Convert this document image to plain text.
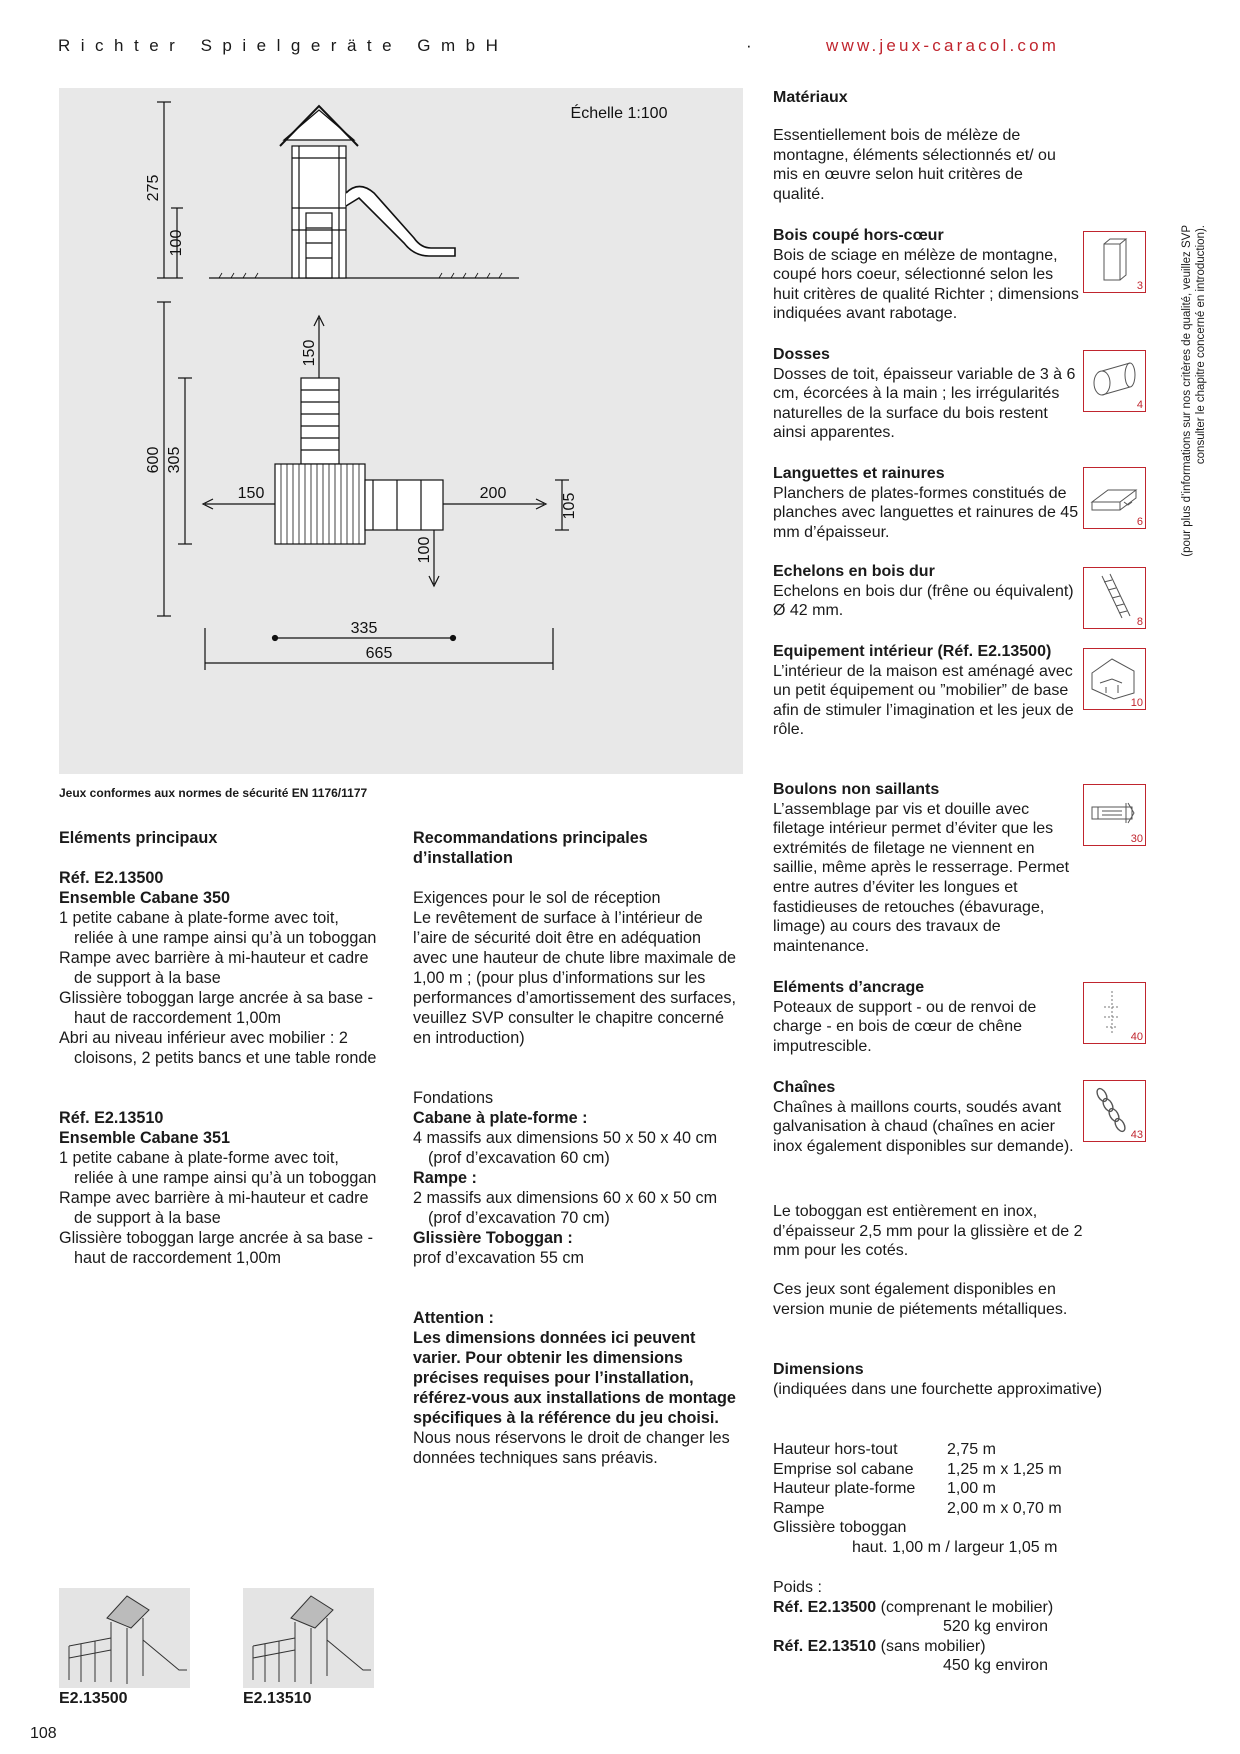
Richter Spielgeräte GmbH	·	www.jeux-caracol.com
Échelle 1:100
275
100
150
600 305
150	200	105
100
335
665
Jeux conformes aux normes de sécurité EN 1176/1177

Eléments principaux

Réf. E2.13500

Ensemble Cabane 350

1 petite cabane à plate-forme avec toit, reliée à une rampe ainsi qu’à un toboggan

Rampe avec barrière à mi-hauteur et cadre de support à la base

Glissière toboggan large ancrée à sa base - haut de raccordement 1,00m

Abri au niveau inférieur avec mobilier : 2 cloisons, 2 petits bancs et une table ronde

Réf. E2.13510

Ensemble Cabane 351

1 petite cabane à plate-forme avec toit, reliée à une rampe ainsi qu’à un toboggan

Rampe avec barrière à mi-hauteur et cadre de support à la base

Glissière toboggan large ancrée à sa base - haut de raccordement 1,00m

Recommandations principales d’installation

Exigences pour le sol de réception

Le revêtement de surface à l’intérieur de l’aire de sécurité doit être en adéquation avec une hauteur de chute libre maximale de 1,00 m ; (pour plus d’informations sur les performances d’amortissement des surfaces, veuillez SVP consulter le chapitre concerné en introduction)

Fondations

Cabane à plate-forme :

4 massifs aux dimensions 50 x 50 x 40 cm

(prof d’excavation 60 cm)

Rampe :

2 massifs aux dimensions 60 x 60 x 50 cm

(prof d’excavation 70 cm)

Glissière Toboggan :

prof d’excavation 55 cm

Attention :

Les dimensions données ici peuvent varier. Pour obtenir les dimensions précises requises pour l’installation, référez-vous aux installations de montage spécifiques à la référence du jeu choisi.

Nous nous réservons le droit de changer les données techniques sans préavis.

Matériaux
Essentiellement bois de mélèze de montagne, éléments sélectionnés et/ ou mis en œuvre selon huit critères de qualité.
Bois coupé hors-cœur
Bois de sciage en mélèze de montagne, coupé hors coeur, sélectionné selon les huit critères de qualité Richter ; dimensions indiquées avant rabotage.
3
Dosses
Dosses de toit, épaisseur variable de 3 à 6 cm, écorcées à la main ; les irrégularités naturelles de la surface du bois restent ainsi apparentes.
4
Languettes et rainures
Planchers de plates-formes constitués de planches avec languettes et rainures de 45 mm d’épaisseur.
6
Echelons en bois dur
Echelons en bois dur (frêne ou équivalent) Ø 42 mm.
8
Equipement intérieur (Réf. E2.13500)
L’intérieur de la maison est aménagé avec un petit équipement ou ”mobilier” de base afin de stimuler l’imagination et les jeux de rôle.
10
Boulons non saillants
L’assemblage par vis et douille avec filetage intérieur permet d’éviter que les extrémités de filetage ne viennent en saillie, même après le resserrage. Permet entre autres d’éviter les longues et fastidieuses de retouches (ébavurage, limage) au cours des travaux de maintenance.
30
Eléments d’ancrage
Poteaux de support - ou de renvoi de charge - en bois de cœur de chêne imputrescible.
40
Chaînes
Chaînes à maillons courts, soudés avant galvanisation à chaud (chaînes en acier inox également disponibles sur demande).
43
Le toboggan est entièrement en inox, d’épaisseur 2,5 mm pour la glissière et de 2 mm pour les cotés.
Ces jeux sont également disponibles en version munie de piétements métalliques.
Dimensions
(indiquées dans une fourchette approximative)
Hauteur hors-tout	2,75 m
Emprise sol cabane	1,25 m x 1,25 m
Hauteur plate-forme	1,00 m
Rampe	2,00 m x 0,70 m
Glissière toboggan
haut. 1,00 m / largeur 1,05 m
Poids :
Réf. E2.13500 (comprenant le mobilier)
520 kg environ
Réf. E2.13510 (sans mobilier)
450 kg environ
(pour plus d’informations sur nos critères de qualité, veuillez SVP consulter le chapitre concerné en introduction).
E2.13500	E2.13510
108
